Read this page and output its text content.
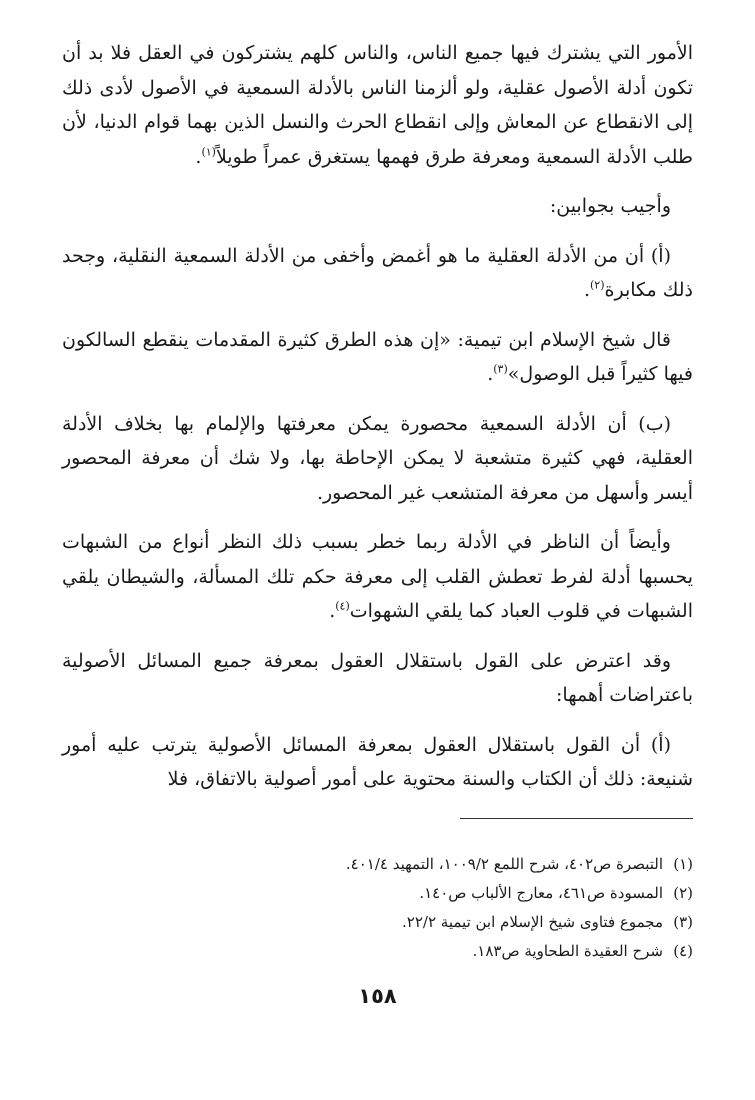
الأمور التي يشترك فيها جميع الناس، والناس كلهم يشتركون في العقل فلا بد أن تكون أدلة الأصول عقلية، ولو ألزمنا الناس بالأدلة السمعية في الأصول لأدى ذلك إلى الانقطاع عن المعاش وإلى انقطاع الحرث والنسل الذين بهما قوام الدنيا، لأن طلب الأدلة السمعية ومعرفة طرق فهمها يستغرق عمراً طويلاً$^{(١)}$.

وأجيب بجوابين:

(أ) أن من الأدلة العقلية ما هو أغمض وأخفى من الأدلة السمعية النقلية، وجحد ذلك مكابرة$^{(٢)}$.

قال شيخ الإسلام ابن تيمية: «إن هذه الطرق كثيرة المقدمات ينقطع السالكون فيها كثيراً قبل الوصول»$^{(٣)}$.

(ب) أن الأدلة السمعية محصورة يمكن معرفتها والإلمام بها بخلاف الأدلة العقلية، فهي كثيرة متشعبة لا يمكن الإحاطة بها، ولا شك أن معرفة المحصور أيسر وأسهل من معرفة المتشعب غير المحصور.

وأيضاً أن الناظر في الأدلة ربما خطر بسبب ذلك النظر أنواع من الشبهات يحسبها أدلة لفرط تعطش القلب إلى معرفة حكم تلك المسألة، والشيطان يلقي الشبهات في قلوب العباد كما يلقي الشهوات$^{(٤)}$.

وقد اعترض على القول باستقلال العقول بمعرفة جميع المسائل الأصولية باعتراضات أهمها:

(أ) أن القول باستقلال العقول بمعرفة المسائل الأصولية يترتب عليه أمور شنيعة: ذلك أن الكتاب والسنة محتوية على أمور أصولية بالاتفاق، فلا

(١)التبصرة ص٤٠٢، شرح اللمع ١٠٠٩/٢، التمهيد ٤٠١/٤.
(٢)المسودة ص٤٦١، معارج الألباب ص١٤٠.
(٣)مجموع فتاوى شيخ الإسلام ابن تيمية ٢٢/٢.
(٤)شرح العقيدة الطحاوية ص١٨٣.
١٥٨
